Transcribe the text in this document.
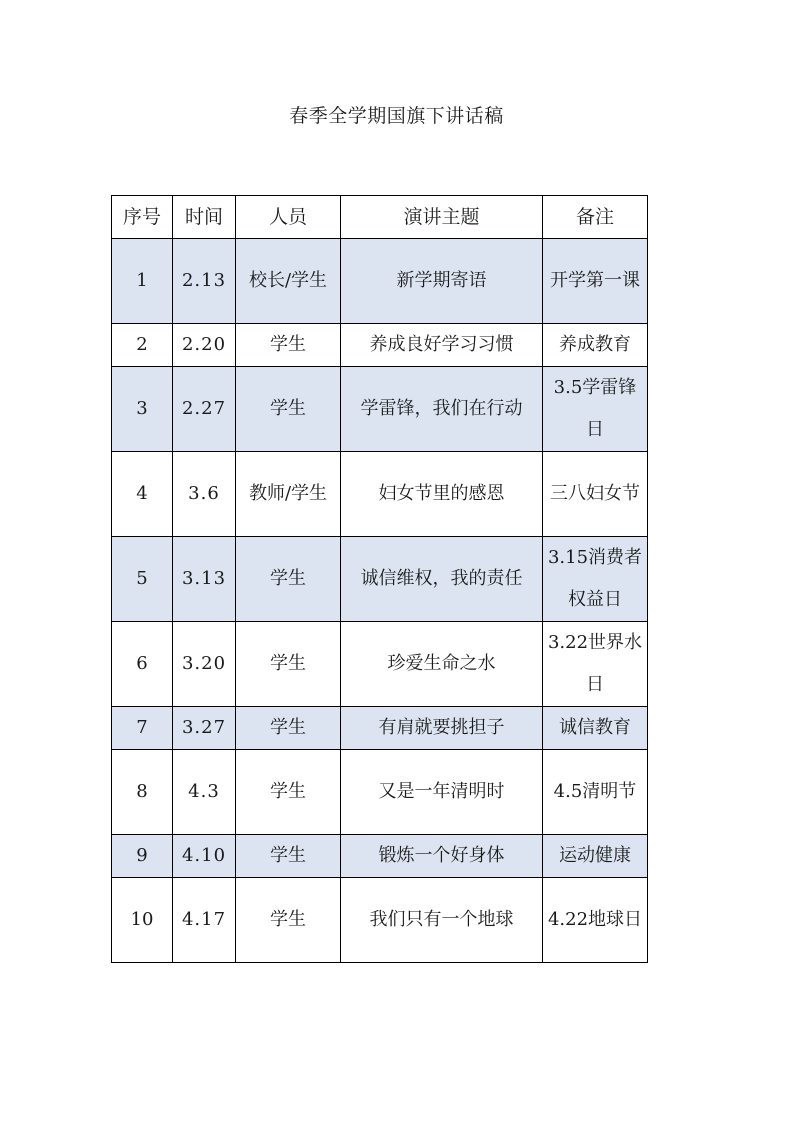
春季全学期国旗下讲话稿
序号	时间	人员	演讲主题	备注
1	2.13	校长/学生	新学期寄语	开学第一课
2	2.20	学生	养成良好学习习惯	养成教育
3	2.27	学生	学雷锋，我们在行动	3.5学雷锋日
4	3.6	教师/学生	妇女节里的感恩	三八妇女节
5	3.13	学生	诚信维权，我的责任	3.15消费者权益日
6	3.20	学生	珍爱生命之水	3.22世界水日
7	3.27	学生	有肩就要挑担子	诚信教育
8	4.3	学生	又是一年清明时	4.5清明节
9	4.10	学生	锻炼一个好身体	运动健康
10	4.17	学生	我们只有一个地球	4.22地球日
